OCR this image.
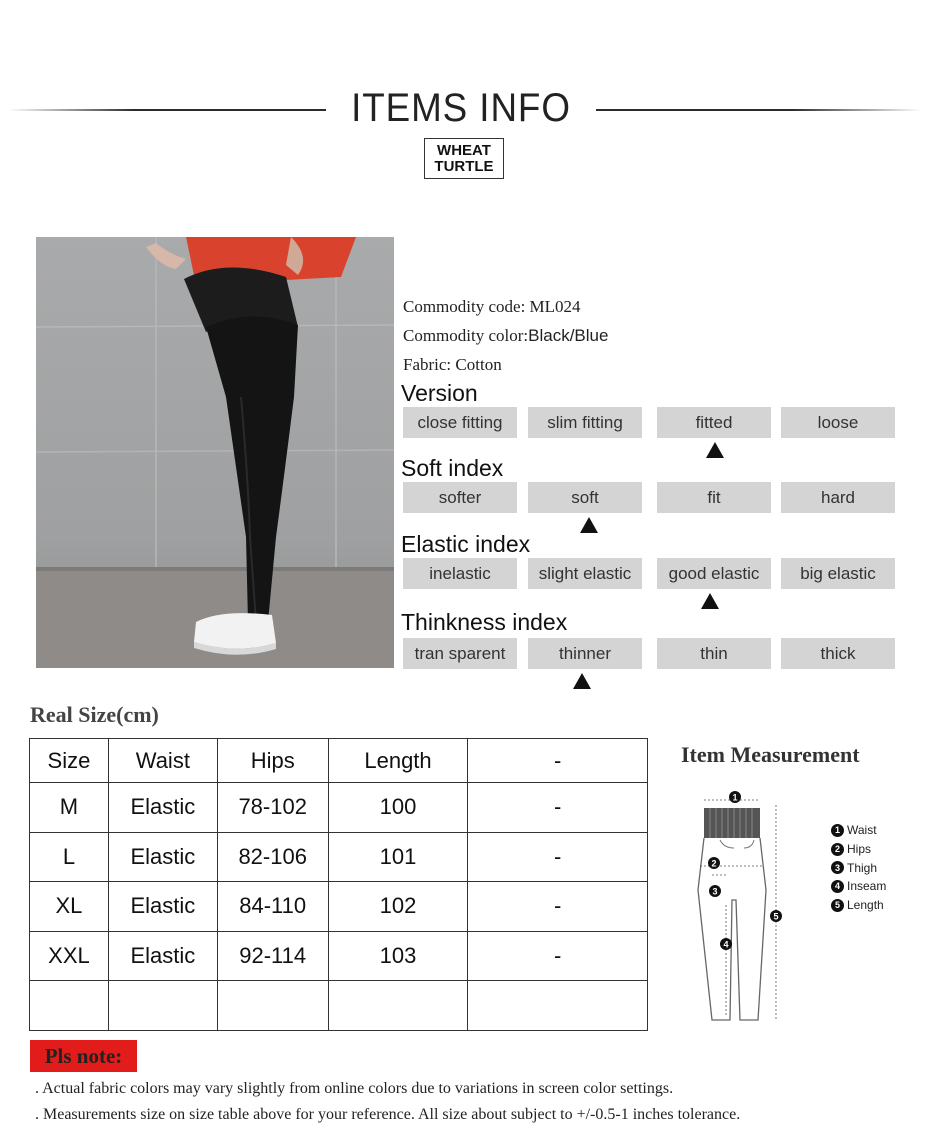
ITEMS INFO
WHEAT
TURTLE
Commodity code: ML024
Commodity color:Black/Blue
Fabric: Cotton
Version
close fitting	slim fitting	fitted	loose
Soft index
softer	soft	fit	hard
Elastic index
inelastic	slight elastic	good elastic	big elastic
Thinkness index
tran sparent	thinner	thin	thick
Real Size(cm)
Size	Waist	Hips	Length	-
M	Elastic	78-102	100	-
L	Elastic	82-106	101	-
XL	Elastic	84-110	102	-
XXL	Elastic	92-114	103	-

Item Measurement
1
2
3
4
5
1 Waist
2 Hips
3 Thigh
4 Inseam
5 Length
Pls note:
. Actual fabric colors may vary slightly from online colors due to variations in screen color settings.
. Measurements size on size table above for your reference. All size about subject to +/-0.5-1 inches tolerance.
